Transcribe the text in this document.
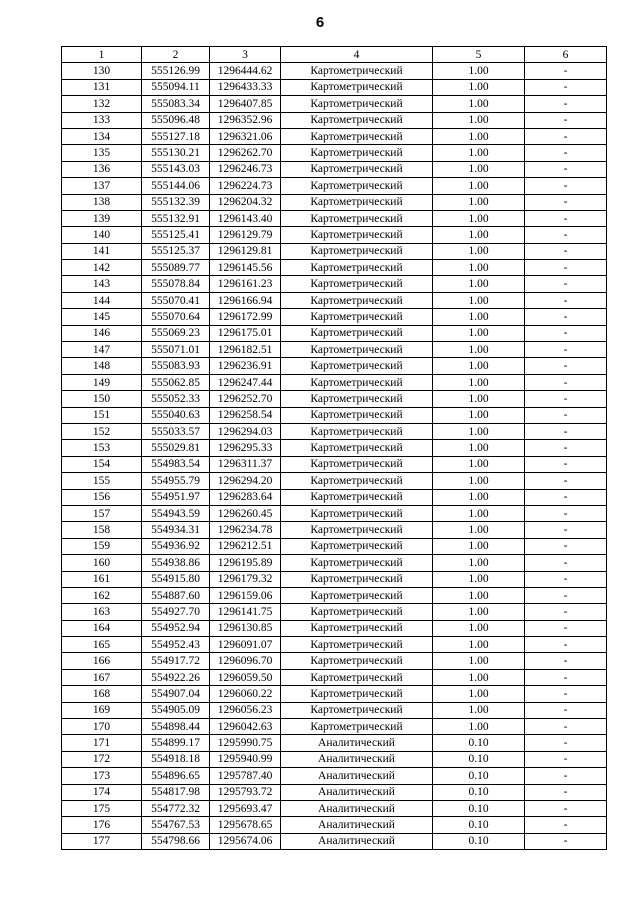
6
1	2	3	4	5	6
130	555126.99	1296444.62	Картометрический	1.00	-
131	555094.11	1296433.33	Картометрический	1.00	-
132	555083.34	1296407.85	Картометрический	1.00	-
133	555096.48	1296352.96	Картометрический	1.00	-
134	555127.18	1296321.06	Картометрический	1.00	-
135	555130.21	1296262.70	Картометрический	1.00	-
136	555143.03	1296246.73	Картометрический	1.00	-
137	555144.06	1296224.73	Картометрический	1.00	-
138	555132.39	1296204.32	Картометрический	1.00	-
139	555132.91	1296143.40	Картометрический	1.00	-
140	555125.41	1296129.79	Картометрический	1.00	-
141	555125.37	1296129.81	Картометрический	1.00	-
142	555089.77	1296145.56	Картометрический	1.00	-
143	555078.84	1296161.23	Картометрический	1.00	-
144	555070.41	1296166.94	Картометрический	1.00	-
145	555070.64	1296172.99	Картометрический	1.00	-
146	555069.23	1296175.01	Картометрический	1.00	-
147	555071.01	1296182.51	Картометрический	1.00	-
148	555083.93	1296236.91	Картометрический	1.00	-
149	555062.85	1296247.44	Картометрический	1.00	-
150	555052.33	1296252.70	Картометрический	1.00	-
151	555040.63	1296258.54	Картометрический	1.00	-
152	555033.57	1296294.03	Картометрический	1.00	-
153	555029.81	1296295.33	Картометрический	1.00	-
154	554983.54	1296311.37	Картометрический	1.00	-
155	554955.79	1296294.20	Картометрический	1.00	-
156	554951.97	1296283.64	Картометрический	1.00	-
157	554943.59	1296260.45	Картометрический	1.00	-
158	554934.31	1296234.78	Картометрический	1.00	-
159	554936.92	1296212.51	Картометрический	1.00	-
160	554938.86	1296195.89	Картометрический	1.00	-
161	554915.80	1296179.32	Картометрический	1.00	-
162	554887.60	1296159.06	Картометрический	1.00	-
163	554927.70	1296141.75	Картометрический	1.00	-
164	554952.94	1296130.85	Картометрический	1.00	-
165	554952.43	1296091.07	Картометрический	1.00	-
166	554917.72	1296096.70	Картометрический	1.00	-
167	554922.26	1296059.50	Картометрический	1.00	-
168	554907.04	1296060.22	Картометрический	1.00	-
169	554905.09	1296056.23	Картометрический	1.00	-
170	554898.44	1296042.63	Картометрический	1.00	-
171	554899.17	1295990.75	Аналитический	0.10	-
172	554918.18	1295940.99	Аналитический	0.10	-
173	554896.65	1295787.40	Аналитический	0.10	-
174	554817.98	1295793.72	Аналитический	0.10	-
175	554772.32	1295693.47	Аналитический	0.10	-
176	554767.53	1295678.65	Аналитический	0.10	-
177	554798.66	1295674.06	Аналитический	0.10	-
